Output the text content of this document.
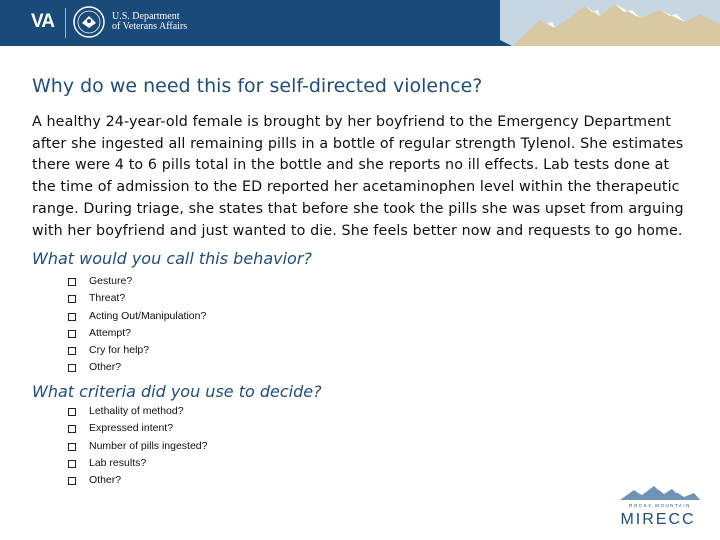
VA	U.S. Department
of Veterans Affairs
Why do we need this for self-directed violence?

A healthy 24-year-old female is brought by her boyfriend to the Emergency Department after she ingested all remaining pills in a bottle of regular strength Tylenol. She estimates there were 4 to 6 pills total in the bottle and she reports no ill effects. Lab tests done at the time of admission to the ED reported her acetaminophen level within the therapeutic range. During triage, she states that before she took the pills she was upset from arguing with her boyfriend and just wanted to die. She feels better now and requests to go home.

What would you call this behavior?
Gesture?
Threat?
Acting Out/Manipulation?
Attempt?
Cry for help?
Other?
What criteria did you use to decide?
Lethality of method?
Expressed intent?
Number of pills ingested?
Lab results?
Other?
ROCKY MOUNTAIN
MIRECC
